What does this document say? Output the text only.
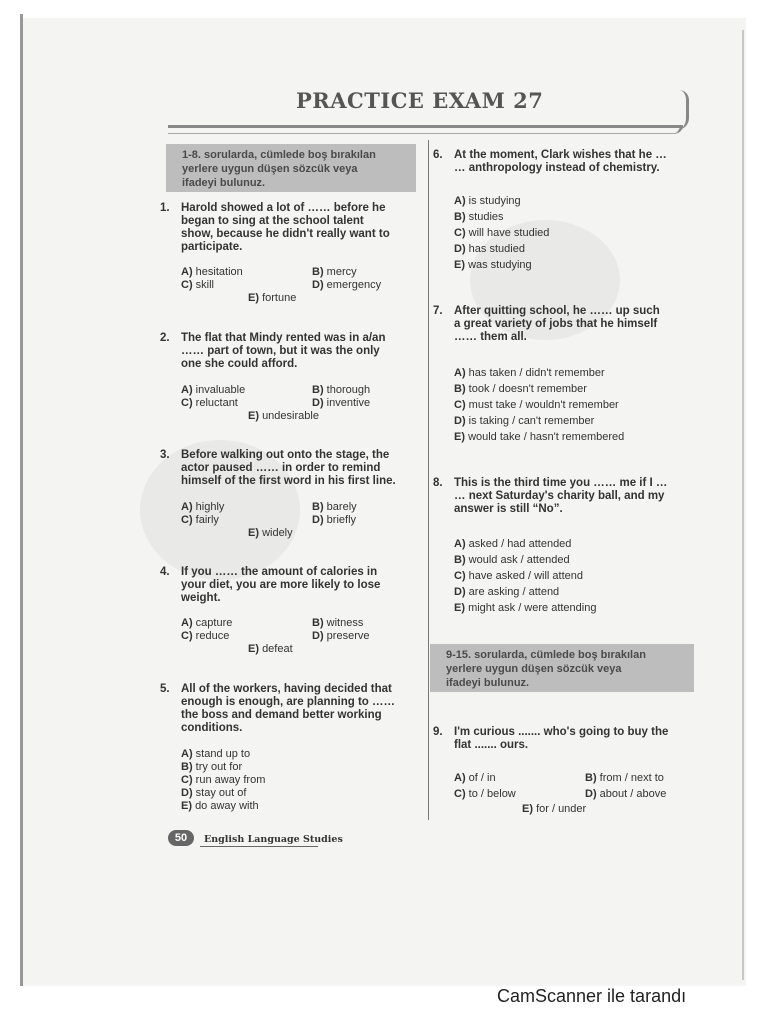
PRACTICE EXAM 27
1-8. sorularda, cümlede boş bırakılan
yerlere uygun düşen sözcük veya
ifadeyi bulunuz.
9-15. sorularda, cümlede boş bırakılan
yerlere uygun düşen sözcük veya
ifadeyi bulunuz.
1. Harold showed a lot of …… before he
began to sing at the school talent
show, because he didn't really want to
participate.
A) hesitation	B) mercy
C) skill	D) emergency
E) fortune
2. The flat that Mindy rented was in a/an
…… part of town, but it was the only
one she could afford.
A) invaluable	B) thorough
C) reluctant	D) inventive
E) undesirable
3. Before walking out onto the stage, the
actor paused …… in order to remind
himself of the first word in his first line.
A) highly	B) barely
C) fairly	D) briefly
E) widely
4. If you …… the amount of calories in
your diet, you are more likely to lose
weight.
A) capture	B) witness
C) reduce	D) preserve
E) defeat
5. All of the workers, having decided that
enough is enough, are planning to ……
the boss and demand better working
conditions.
A) stand up to
B) try out for
C) run away from
D) stay out of
E) do away with
6. At the moment, Clark wishes that he …
… anthropology instead of chemistry.
A) is studying
B) studies
C) will have studied
D) has studied
E) was studying
7. After quitting school, he …… up such
a great variety of jobs that he himself
…… them all.
A) has taken / didn't remember
B) took / doesn't remember
C) must take / wouldn't remember
D) is taking / can't remember
E) would take / hasn't remembered
8. This is the third time you …… me if I …
… next Saturday's charity ball, and my
answer is still “No”.
A) asked / had attended
B) would ask / attended
C) have asked / will attend
D) are asking / attend
E) might ask / were attending
9. I'm curious ....... who's going to buy the
flat ....... ours.
A) of / in	B) from / next to
C) to / below	D) about / above
E) for / under
50	English Language Studies
CamScanner ile tarandı
